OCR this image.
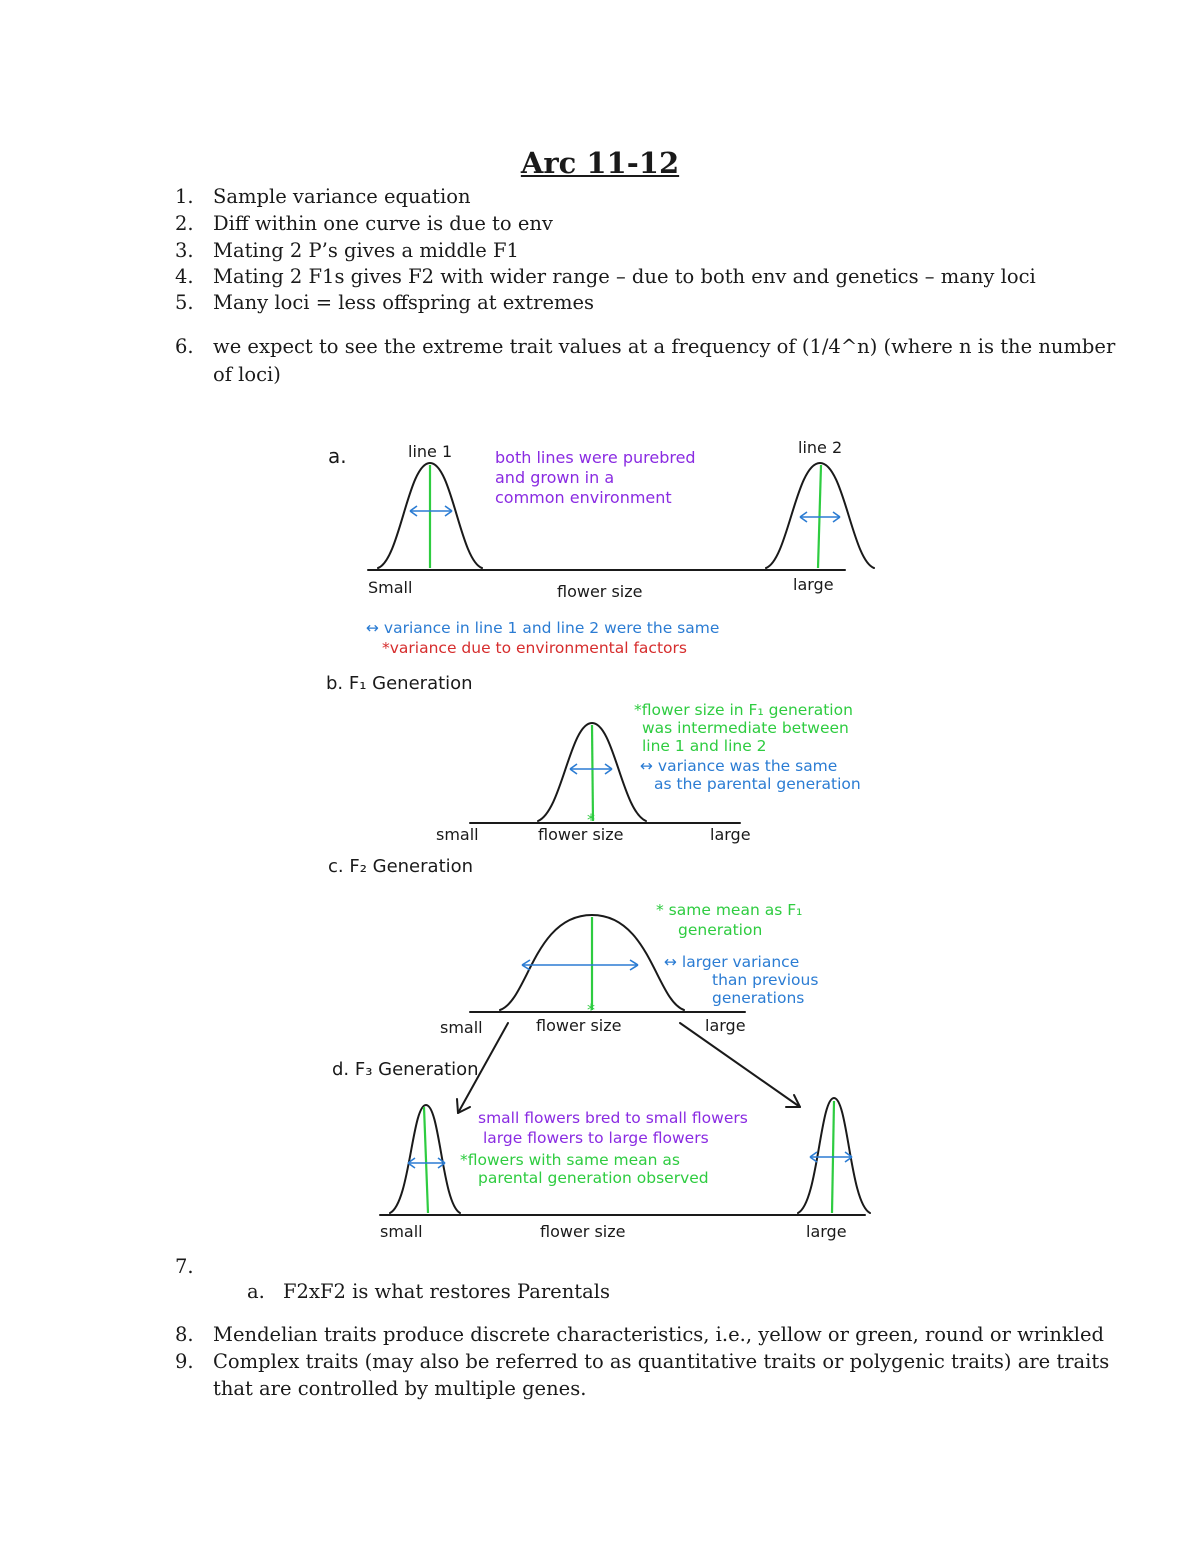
Arc 11-12
1. Sample variance equation
2. Diff within one curve is due to env
3. Mating 2 P’s gives a middle F1
4. Mating 2 F1s gives F2 with wider range – due to both env and genetics – many loci
5. Many loci = less offspring at extremes
6. we expect to see the extreme trait values at a frequency of (1/4^n) (where n is the number
of loci)
*
*
a.	line 1	line 2
Small	flower size	large
b. F₁ Generation
small	flower size	large
c. F₂ Generation
small	flower size	large
d. F₃ Generation
small	flower size	large
both lines were purebred
and grown in a
common environment
small flowers bred to small flowers
large flowers to large flowers
↔ variance in line 1 and line 2 were the same
↔ variance was the same
as the parental generation
↔ larger variance
than previous
generations
*variance due to environmental factors
*flower size in F₁ generation
was intermediate between
line 1 and line 2
* same mean as F₁
generation
*flowers with same mean as
parental generation observed
7.
a. F2xF2 is what restores Parentals
8. Mendelian traits produce discrete characteristics, i.e., yellow or green, round or wrinkled
9. Complex traits (may also be referred to as quantitative traits or polygenic traits) are traits
that are controlled by multiple genes.
